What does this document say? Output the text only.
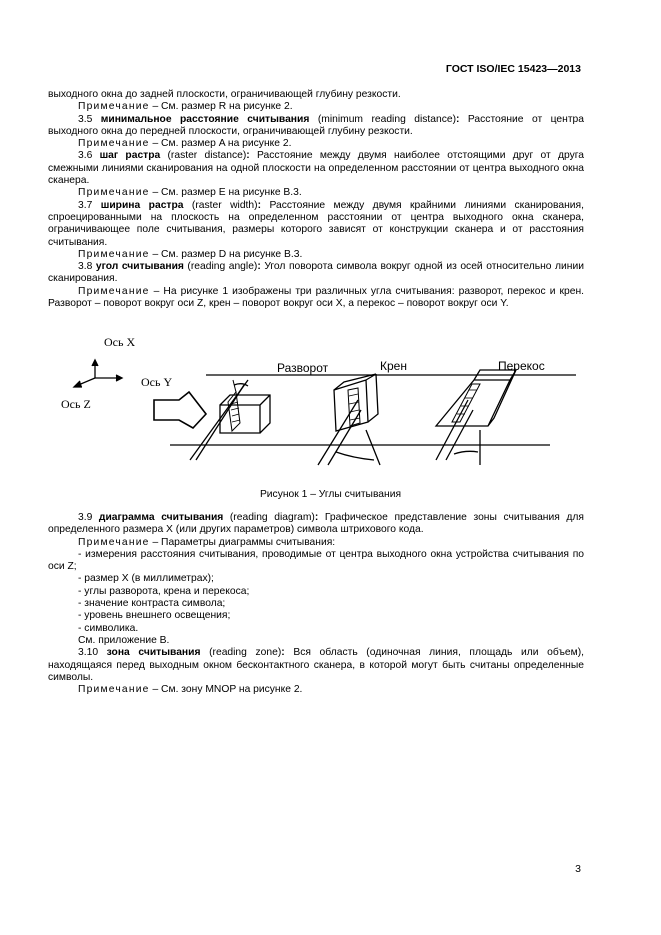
ГОСТ ISO/IEC 15423—2013

выходного окна до задней плоскости, ограничивающей глубину резкости.

Примечание – См. размер R на рисунке 2.

3.5 минимальное расстояние считывания (minimum reading distance): Расстояние от центра выходного окна до передней плоскости, ограничивающей глубину резкости.

Примечание – См. размер A на рисунке 2.

3.6 шаг растра (raster distance): Расстояние между двумя наиболее отстоящими друг от друга смежными линиями сканирования на одной плоскости на определенном расстоянии от центра выходного окна сканера.

Примечание – См. размер E на рисунке B.3.

3.7 ширина растра (raster width): Расстояние между двумя крайними линиями сканирования, спроецированными на плоскость на определенном расстоянии от центра выходного окна сканера, ограничивающее поле считывания, размеры которого зависят от конструкции сканера и от расстояния считывания.

Примечание – См. размер D на рисунке B.3.

3.8 угол считывания (reading angle): Угол поворота символа вокруг одной из осей относительно линии сканирования.

Примечание – На рисунке 1 изображены три различных угла считывания: разворот, перекос и крен. Разворот – поворот вокруг оси Z, крен – поворот вокруг оси X, а перекос – поворот вокруг оси Y.

Ось X
Ось Y
Ось Z
Разворот	Крен	Перекос
Рисунок 1 – Углы считывания

3.9 диаграмма считывания (reading diagram): Графическое представление зоны считывания для определенного размера X (или других параметров) символа штрихового кода.

Примечание – Параметры диаграммы считывания:

- измерения расстояния считывания, проводимые от центра выходного окна устройства считывания по оси Z;

- размер X (в миллиметрах);

- углы разворота, крена и перекоса;

- значение контраста символа;

- уровень внешнего освещения;

- символика.

См. приложение B.

3.10 зона считывания (reading zone): Вся область (одиночная линия, площадь или объем), находящаяся перед выходным окном бесконтактного сканера, в которой могут быть считаны определенные символы.

Примечание – См. зону MNOP на рисунке 2.

3
